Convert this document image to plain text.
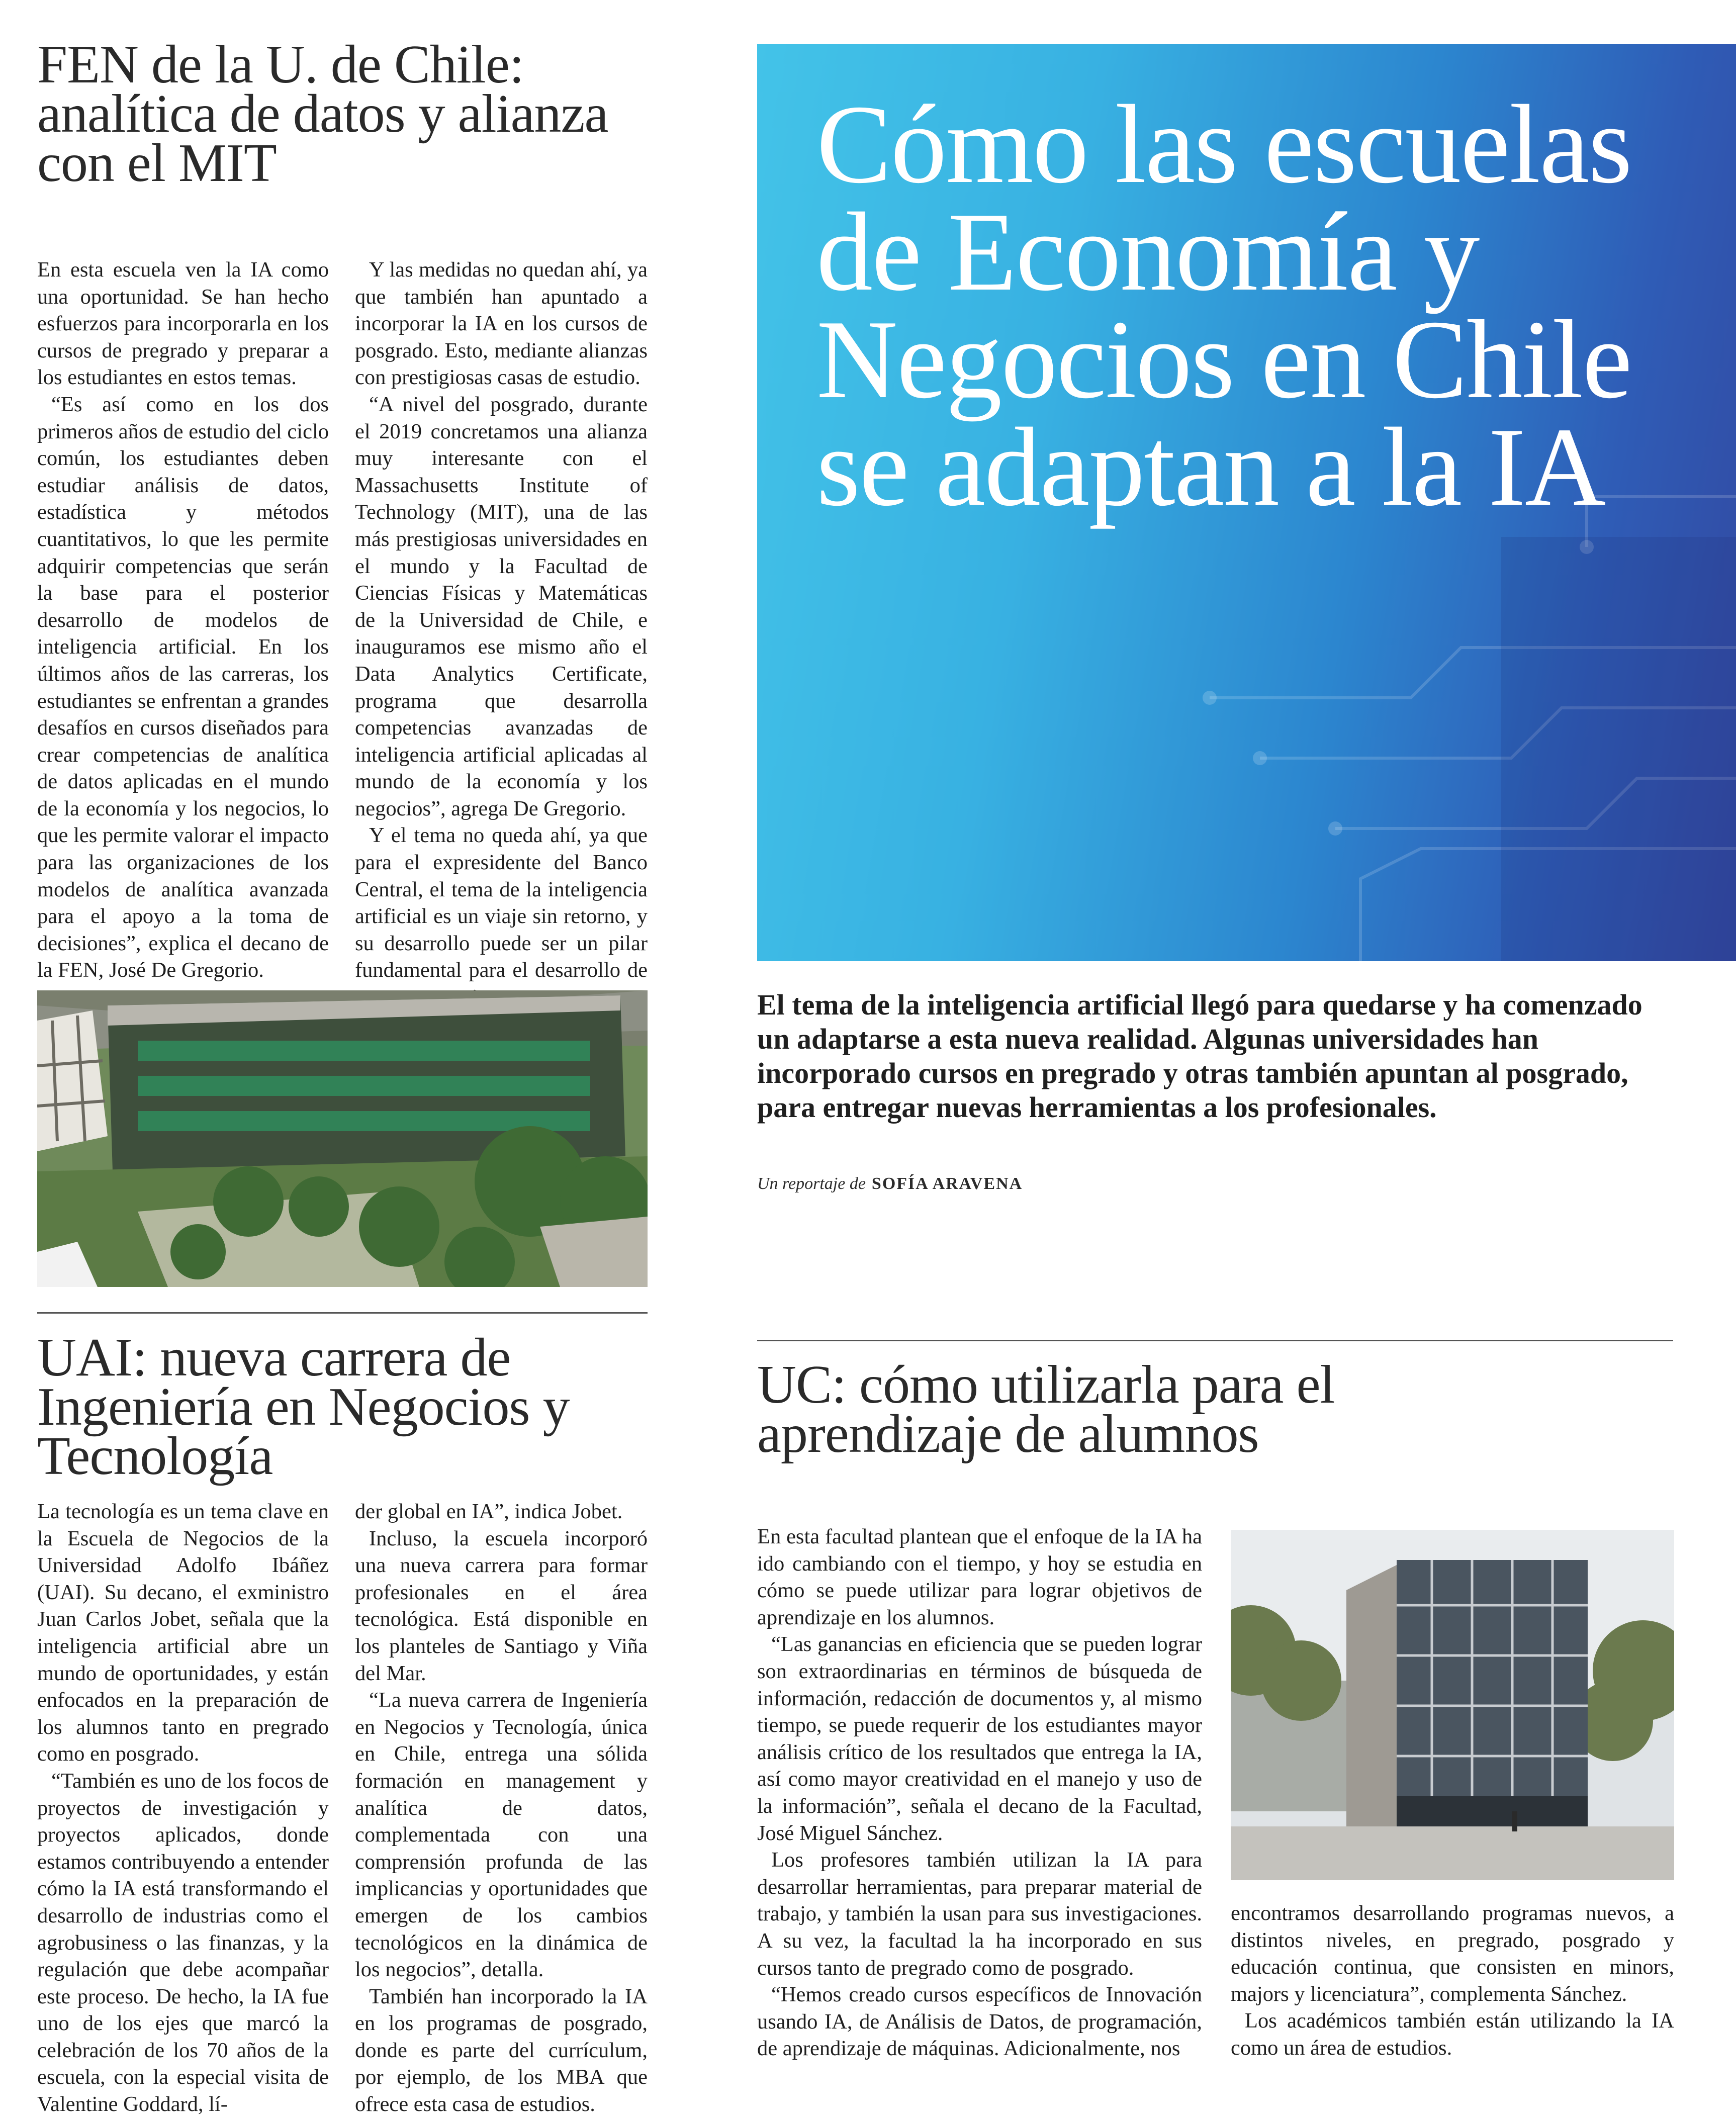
FEN de la U. de Chile: analítica de datos y alianza con el MIT

En esta escuela ven la IA como una oportunidad. Se han hecho esfuerzos para incorporarla en los cursos de pregrado y preparar a los estudiantes en estos temas.

“Es así como en los dos primeros años de estudio del ciclo común, los estudiantes deben estudiar análisis de datos, estadística y métodos cuantitativos, lo que les permite adquirir competencias que serán la base para el posterior desarrollo de modelos de inteligencia artificial. En los últimos años de las carreras, los estudiantes se enfrentan a grandes desafíos en cursos diseñados para crear competencias de analítica de datos aplicadas en el mundo de la economía y los negocios, lo que les permite valorar el impacto para las organizaciones de los modelos de analítica avanzada para el apoyo a la toma de decisiones”, explica el decano de la FEN, José De Gregorio.

Y las medidas no quedan ahí, ya que también han apuntado a incorporar la IA en los cursos de posgrado. Esto, mediante alianzas con prestigiosas casas de estudio.

“A nivel del posgrado, durante el 2019 concretamos una alianza muy interesante con el Massachusetts Institute of Technology (MIT), una de las más prestigiosas universidades en el mundo y la Facultad de Ciencias Físicas y Matemáticas de la Universidad de Chile, e inauguramos ese mismo año el Data Analytics Certificate, programa que desarrolla competencias avanzadas de inteligencia artificial aplicadas al mundo de la economía y los negocios”, agrega De Gregorio.

Y el tema no queda ahí, ya que para el expresidente del Banco Central, el tema de la inteligencia artificial es un viaje sin retorno, y su desarrollo puede ser un pilar fundamental para el desarrollo de

UAI: nueva carrera de Ingeniería en Negocios y Tecnología

La tecnología es un tema clave en la Escuela de Negocios de la Universidad Adolfo Ibáñez (UAI). Su decano, el exministro Juan Carlos Jobet, señala que la inteligencia artificial abre un mundo de oportunidades, y están enfocados en la preparación de los alumnos tanto en pregrado como en posgrado.

“También es uno de los focos de proyectos de investigación y proyectos aplicados, donde estamos contribuyendo a entender cómo la IA está transformando el desarrollo de industrias como el agrobusiness o las finanzas, y la regulación que debe acompañar este proceso. De hecho, la IA fue uno de los ejes que marcó la celebración de los 70 años de la escuela, con la especial visita de Valentine Goddard, lí-

der global en IA”, indica Jobet.

Incluso, la escuela incorporó una nueva carrera para formar profesionales en el área tecnológica. Está disponible en los planteles de Santiago y Viña del Mar.

“La nueva carrera de Ingeniería en Negocios y Tecnología, única en Chile, entrega una sólida formación en management y analítica de datos, complementada con una comprensión profunda de las implicancias y oportunidades que emergen de los cambios tecnológicos en la dinámica de los negocios”, detalla.

También han incorporado la IA en los programas de posgrado, donde es parte del currículum, por ejemplo, de los MBA que ofrece esta casa de estudios.

Cómo las escuelas de Economía y Negocios en Chile se adaptan a la IA

El tema de la inteligencia artificial llegó para quedarse y ha comenzado un adaptarse a esta nueva realidad. Algunas universidades han incorporado cursos en pregrado y otras también apuntan al posgrado, para entregar nuevas herramientas a los profesionales.

Un reportaje de SOFÍA ARAVENA
UC: cómo utilizarla para el aprendizaje de alumnos

En esta facultad plantean que el enfoque de la IA ha ido cambiando con el tiempo, y hoy se estudia en cómo se puede utilizar para lograr objetivos de aprendizaje en los alumnos.

“Las ganancias en eficiencia que se pueden lograr son extraordinarias en términos de búsqueda de información, redacción de documentos y, al mismo tiempo, se puede requerir de los estudiantes mayor análisis crítico de los resultados que entrega la IA, así como mayor creatividad en el manejo y uso de la información”, señala el decano de la Facultad, José Miguel Sánchez.

Los profesores también utilizan la IA para desarrollar herramientas, para preparar material de trabajo, y también la usan para sus investigaciones. A su vez, la facultad la ha incorporado en sus cursos tanto de pregrado como de posgrado.

“Hemos creado cursos específicos de Innovación usando IA, de Análisis de Datos, de programación, de aprendizaje de máquinas. Adicionalmente, nos

encontramos desarrollando programas nuevos, a distintos niveles, en pregrado, posgrado y educación continua, que consisten en minors, majors y licenciatura”, complementa Sánchez.

Los académicos también están utilizando la IA como un área de estudios.
